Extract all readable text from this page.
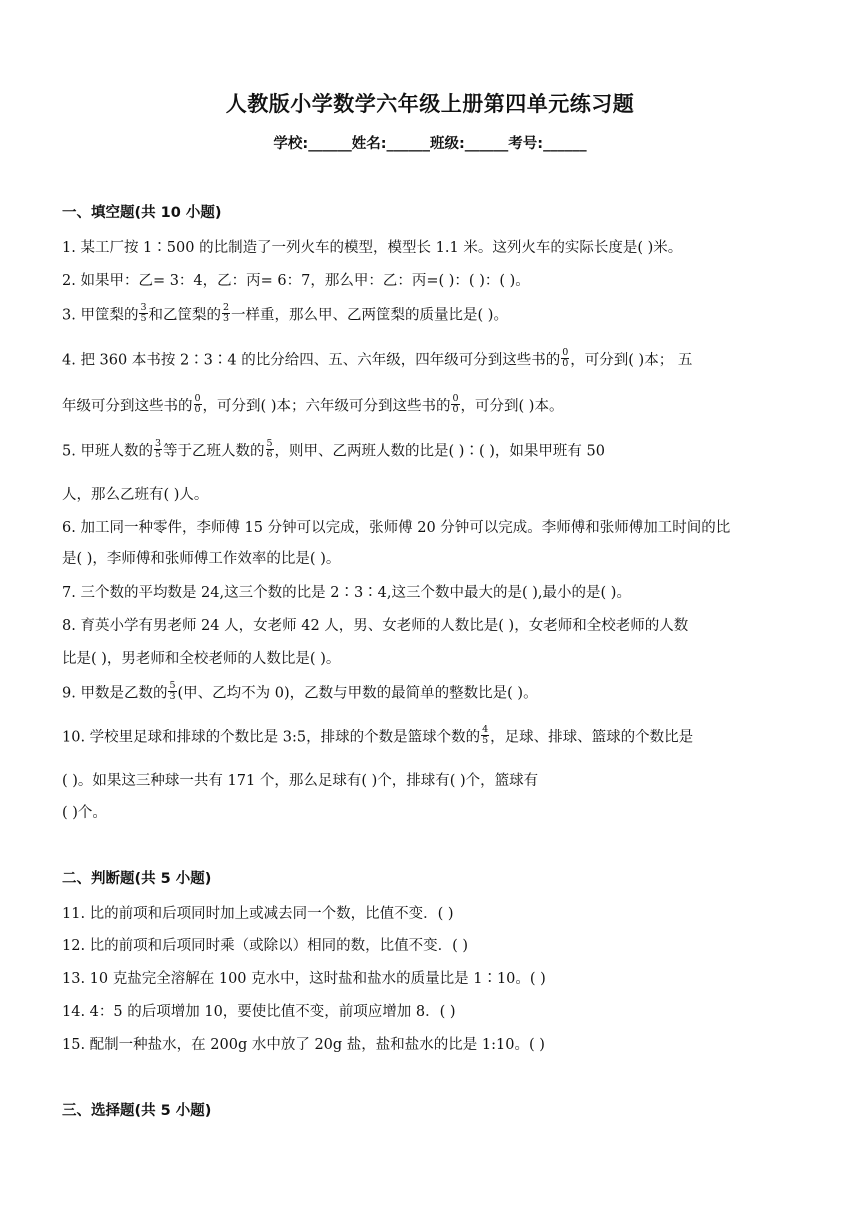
人教版小学数学六年级上册第四单元练习题
学校:______姓名:______班级:______考号:______
一、填空题(共 10 小题)
1. 某工厂按 1∶500 的比制造了一列火车的模型，模型长 1.1 米。这列火车的实际长度是( )米。
2. 如果甲：乙= 3：4，乙：丙= 6：7，那么甲：乙：丙=( )：( )：( )。
3. 甲筐梨的 $\frac{3}{5}$ 和乙筐梨的 $\frac{2}{3}$ 一样重，那么甲、乙两筐梨的质量比是( )。
4. 把 360 本书按 2∶3∶4 的比分给四、五、六年级，四年级可分到这些书的 $\frac{0}{0}$ ，可分到( )本； 五
年级可分到这些书的 $\frac{0}{0}$ ，可分到( )本；六年级可分到这些书的 $\frac{0}{0}$ ，可分到( )本。
5. 甲班人数的 $\frac{3}{5}$ 等于乙班人数的 $\frac{5}{6}$ ，则甲、乙两班人数的比是( )∶( )，如果甲班有 50
人，那么乙班有( )人。
6. 加工同一种零件，李师傅 15 分钟可以完成，张师傅 20 分钟可以完成。李师傅和张师傅加工时间的比
是( )，李师傅和张师傅工作效率的比是( )。
7. 三个数的平均数是 24,这三个数的比是 2∶3∶4,这三个数中最大的是( ),最小的是( )。
8. 育英小学有男老师 24 人，女老师 42 人，男、女老师的人数比是( )，女老师和全校老师的人数
比是( )，男老师和全校老师的人数比是( )。
9. 甲数是乙数的 $\frac{5}{3}$ (甲、乙均不为 0)，乙数与甲数的最简单的整数比是( )。
10. 学校里足球和排球的个数比是 3:5，排球的个数是篮球个数的 $\frac{4}{5}$ ，足球、排球、篮球的个数比是
( )。如果这三种球一共有 171 个，那么足球有( )个，排球有( )个，篮球有
( )个。
二、判断题(共 5 小题)
11. 比的前项和后项同时加上或减去同一个数，比值不变．( )
12. 比的前项和后项同时乘（或除以）相同的数，比值不变．( )
13. 10 克盐完全溶解在 100 克水中，这时盐和盐水的质量比是 1∶10。( )
14. 4：5 的后项增加 10，要使比值不变，前项应增加 8．( )
15. 配制一种盐水，在 200g 水中放了 20g 盐，盐和盐水的比是 1:10。( )
三、选择题(共 5 小题)
